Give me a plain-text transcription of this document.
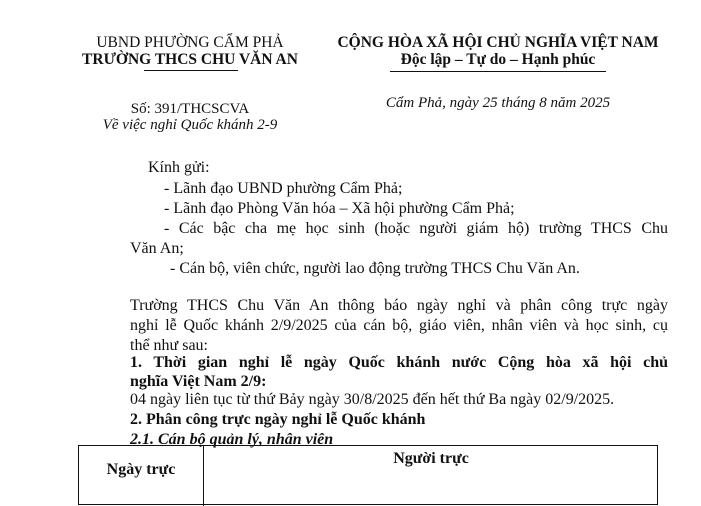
UBND PHƯỜNG CẨM PHẢ
TRƯỜNG THCS CHU VĂN AN
Số: 391/THCSCVA
Về việc nghỉ Quốc khánh 2-9
CỘNG HÒA XÃ HỘI CHỦ NGHĨA VIỆT NAM
Độc lập – Tự do – Hạnh phúc
Cẩm Phả, ngày 25 tháng 8 năm 2025
Kính gửi:
- Lãnh đạo UBND phường Cẩm Phả;
- Lãnh đạo Phòng Văn hóa – Xã hội phường Cẩm Phả;
- Các bậc cha mẹ học sinh (hoặc người giám hộ) trường THCS Chu
Văn An;
- Cán bộ, viên chức, người lao động trường THCS Chu Văn An.
Trường THCS Chu Văn An thông báo ngày nghỉ và phân công trực ngày
nghỉ lễ Quốc khánh 2/9/2025 của cán bộ, giáo viên, nhân viên và học sinh, cụ
thể như sau:
1. Thời gian nghỉ lễ ngày Quốc khánh nước Cộng hòa xã hội chủ
nghĩa Việt Nam 2/9:
04 ngày liên tục từ thứ Bảy ngày 30/8/2025 đến hết thứ Ba ngày 02/9/2025.
2. Phân công trực ngày nghỉ lễ Quốc khánh
2.1. Cán bộ quản lý, nhân viên
Ngày trực
Người trực
